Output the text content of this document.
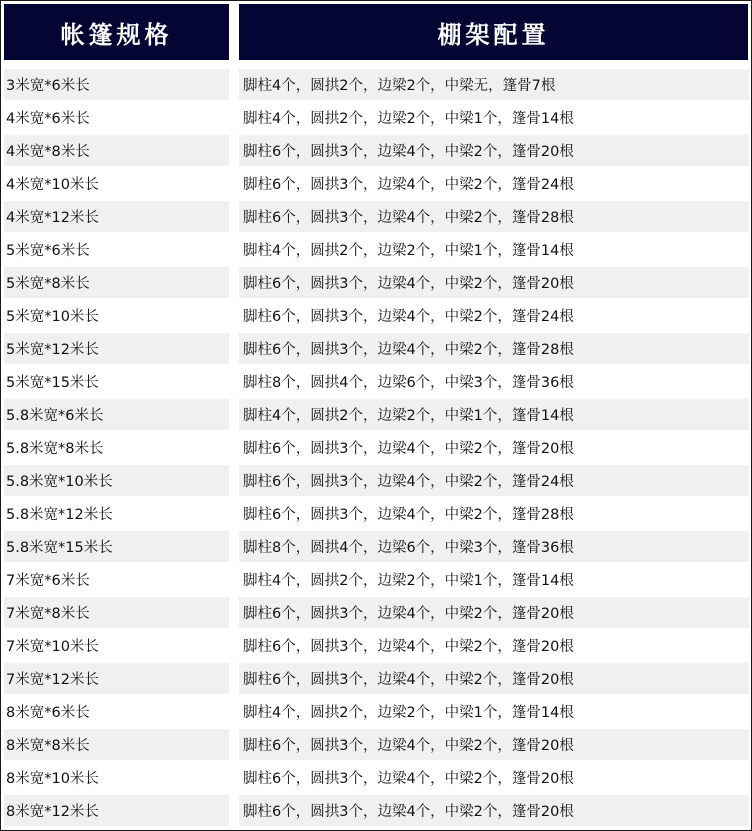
帐篷规格	棚架配置
3米宽*6米长	脚柱4个，圆拱2个，边梁2个，中梁无，篷骨7根
4米宽*6米长	脚柱4个，圆拱2个，边梁2个，中梁1个，篷骨14根
4米宽*8米长	脚柱6个，圆拱3个，边梁4个，中梁2个，篷骨20根
4米宽*10米长	脚柱6个，圆拱3个，边梁4个，中梁2个，篷骨24根
4米宽*12米长	脚柱6个，圆拱3个，边梁4个，中梁2个，篷骨28根
5米宽*6米长	脚柱4个，圆拱2个，边梁2个，中梁1个，篷骨14根
5米宽*8米长	脚柱6个，圆拱3个，边梁4个，中梁2个，篷骨20根
5米宽*10米长	脚柱6个，圆拱3个，边梁4个，中梁2个，篷骨24根
5米宽*12米长	脚柱6个，圆拱3个，边梁4个，中梁2个，篷骨28根
5米宽*15米长	脚柱8个，圆拱4个，边梁6个，中梁3个，篷骨36根
5.8米宽*6米长	脚柱4个，圆拱2个，边梁2个，中梁1个，篷骨14根
5.8米宽*8米长	脚柱6个，圆拱3个，边梁4个，中梁2个，篷骨20根
5.8米宽*10米长	脚柱6个，圆拱3个，边梁4个，中梁2个，篷骨24根
5.8米宽*12米长	脚柱6个，圆拱3个，边梁4个，中梁2个，篷骨28根
5.8米宽*15米长	脚柱8个，圆拱4个，边梁6个，中梁3个，篷骨36根
7米宽*6米长	脚柱4个，圆拱2个，边梁2个，中梁1个，篷骨14根
7米宽*8米长	脚柱6个，圆拱3个，边梁4个，中梁2个，篷骨20根
7米宽*10米长	脚柱6个，圆拱3个，边梁4个，中梁2个，篷骨20根
7米宽*12米长	脚柱6个，圆拱3个，边梁4个，中梁2个，篷骨20根
8米宽*6米长	脚柱4个，圆拱2个，边梁2个，中梁1个，篷骨14根
8米宽*8米长	脚柱6个，圆拱3个，边梁4个，中梁2个，篷骨20根
8米宽*10米长	脚柱6个，圆拱3个，边梁4个，中梁2个，篷骨20根
8米宽*12米长	脚柱6个，圆拱3个，边梁4个，中梁2个，篷骨20根
